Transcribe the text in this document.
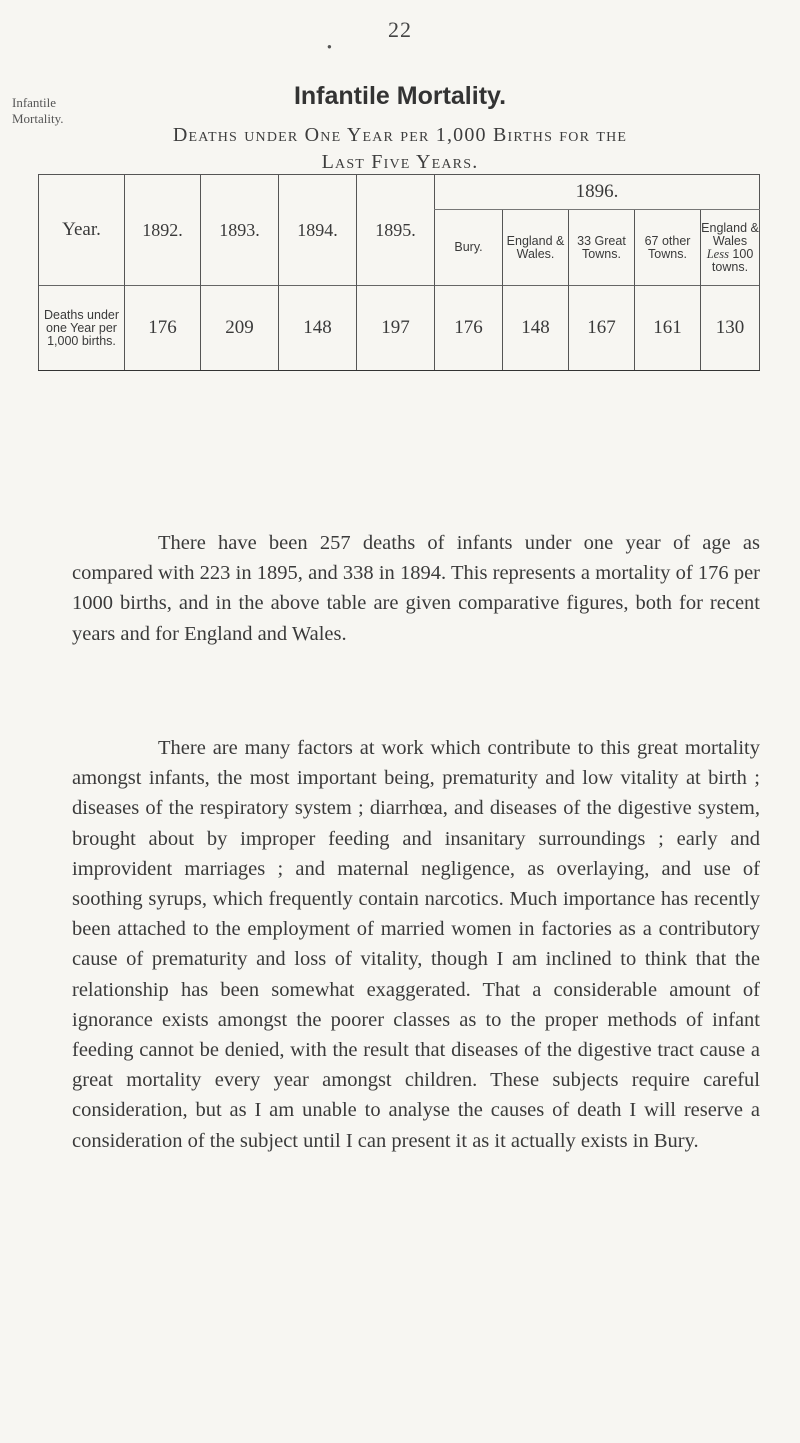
22
●
Infantile Mortality.
Infantile Mortality.
Deaths under One Year per 1,000 Births for the
Last Five Years.
Year.	1892.	1893.	1894.	1895.	1896.				
					Bury.	England & Wales.	33 Great Towns.	67 other Towns.	England & Wales Less 100 towns.
Deaths under one Year per 1,000 births.	176	209	148	197	176	148	167	161	130

There have been 257 deaths of infants under one year of age as compared with 223 in 1895, and 338 in 1894. This represents a mortality of 176 per 1000 births, and in the above table are given comparative figures, both for recent years and for England and Wales.

There are many factors at work which contribute to this great mortality amongst infants, the most important being, prematurity and low vitality at birth ; diseases of the respiratory system ; diarrhœa, and diseases of the digestive system, brought about by improper feeding and insanitary surroundings ; early and improvident marriages ; and maternal negligence, as overlaying, and use of soothing syrups, which frequently contain narcotics. Much importance has recently been attached to the employment of married women in factories as a contributory cause of prematurity and loss of vitality, though I am inclined to think that the relationship has been somewhat exaggerated. That a considerable amount of ignorance exists amongst the poorer classes as to the proper methods of infant feeding cannot be denied, with the result that diseases of the digestive tract cause a great mortality every year amongst children. These subjects require careful consideration, but as I am unable to analyse the causes of death I will reserve a consideration of the subject until I can present it as it actually exists in Bury.
